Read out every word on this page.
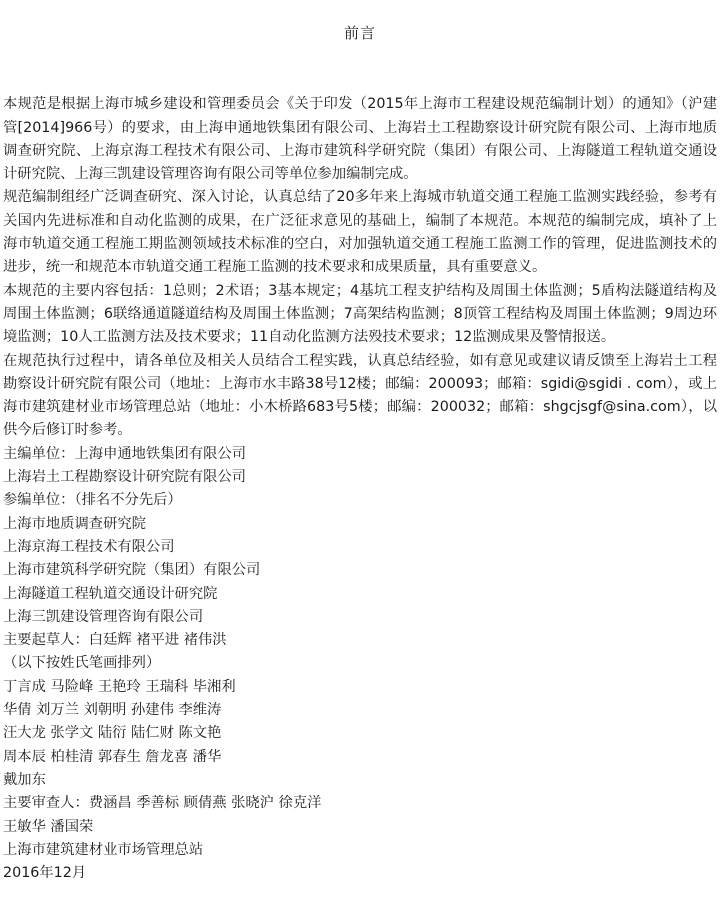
前言

本规范是根据上海市城乡建设和管理委员会《关于印发（2015年上海市工程建设规范编制计划）的通知》（沪建管[2014]966号）的要求，由上海申通地铁集团有限公司、上海岩土工程勘察设计研究院有限公司、上海市地质调查研究院、上海京海工程技术有限公司、上海市建筑科学研究院（集团）有限公司、上海隧道工程轨道交通设计研究院、上海三凯建设管理咨询有限公司等单位参加编制完成。

规范编制组经广泛调查研究、深入讨论，认真总结了20多年来上海城市轨道交通工程施工监测实践经验，参考有关国内先进标准和自动化监测的成果，在广泛征求意见的基础上，编制了本规范。本规范的编制完成，填补了上海市轨道交通工程施工期监测领域技术标准的空白，对加强轨道交通工程施工监测工作的管理，促进监测技术的进步，统一和规范本市轨道交通工程施工监测的技术要求和成果质量，具有重要意义。

本规范的主要内容包括：1总则；2术语；3基本规定；4基坑工程支护结构及周围土体监测；5盾构法隧道结构及周围土体监测；6联络通道隧道结构及周围土体监测；7高架结构监测；8顶管工程结构及周围土体监测；9周边环境监测；10人工监测方法及技术要求；11自动化监测方法殁技术要求；12监测成果及警情报送。

在规范执行过程中，请各单位及相关人员结合工程实践，认真总结经验，如有意见或建议请反馈至上海岩土工程勘察设计研究院有限公司（地址：上海市水丰路38号12楼；邮编：200093；邮箱：sgidi@sgidi . com），或上海市建筑建材业市场管理总站（地址：小木桥路683号5楼；邮编：200032；邮箱：shgcjsgf@sina.com），以供今后修订时参考。

主编单位：上海申通地铁集团有限公司
上海岩土工程勘察设计研究院有限公司
参编单位：（排名不分先后）
上海市地质调查研究院
上海京海工程技术有限公司
上海市建筑科学研究院（集团）有限公司
上海隧道工程轨道交通设计研究院
上海三凯建设管理咨询有限公司
主要起草人：白廷辉 褚平进 褚伟洪
（以下按姓氏笔画排列）
丁言成 马险峰 王艳玲 王瑞科 毕湘利
华倩 刘万兰 刘朝明 孙建伟 李维涛
汪大龙 张学文 陆衍 陆仁财 陈文艳
周本辰 柏桂清 郭春生 詹龙喜 潘华
戴加东
主要审查人：费涵昌 季善标 顾倩燕 张晓沪 徐克洋
王敏华 潘国荣
上海市建筑建材业市场管理总站
2016年12月
